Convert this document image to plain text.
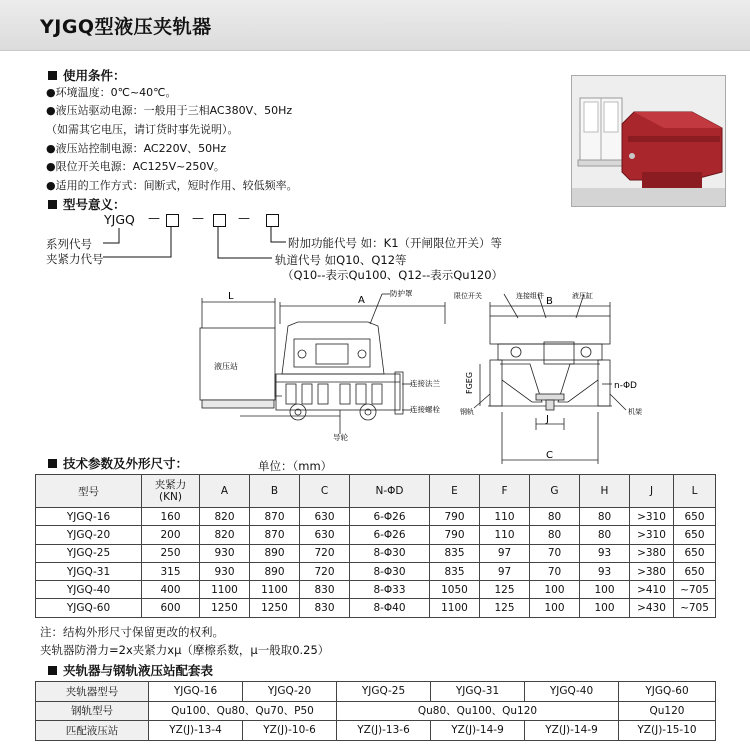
YJGQ型液压夹轨器
使用条件：
●环境温度：0℃~40℃。
●液压站驱动电源：一般用于三相AC380V、50Hz
（如需其它电压，请订货时事先说明）。
●液压站控制电源：AC220V、50Hz
●限位开关电源：AC125V~250V。
●适用的工作方式：间断式，短时作用、较低频率。
型号意义：
YJGQ —	—	—
系列代号
夹紧力代号
附加功能代号 如：K1（开闸限位开关）等
轨道代号 如Q10、Q12等
（Q10--表示Qu100、Q12--表示Qu120）
L	A
液压站
防护罩
连接法兰
连接螺栓
导轮
B
J
C
限位开关	连接组件	液压缸
n-ΦD
钢轨	机架
FGEG
技术参数及外形尺寸：	单位：（mm）
型号	夹紧力
(KN)	A	B	C	N-ΦD	E	F	G	H	J	L
YJGQ-16	160	820	870	630	6-Φ26	790	110	80	80	>310	650
YJGQ-20	200	820	870	630	6-Φ26	790	110	80	80	>310	650
YJGQ-25	250	930	890	720	8-Φ30	835	97	70	93	>380	650
YJGQ-31	315	930	890	720	8-Φ30	835	97	70	93	>380	650
YJGQ-40	400	1100	1100	830	8-Φ33	1050	125	100	100	>410	~705
YJGQ-60	600	1250	1250	830	8-Φ40	1100	125	100	100	>430	~705
注：结构外形尺寸保留更改的权利。
夹轨器防滑力=2x夹紧力xμ（摩檫系数，μ一般取0.25）
夹轨器与钢轨液压站配套表
夹轨器型号	YJGQ-16	YJGQ-20	YJGQ-25	YJGQ-31	YJGQ-40	YJGQ-60
钢轨型号	Qu100、Qu80、Qu70、P50		Qu80、Qu100、Qu120			Qu120
匹配液压站	YZ(J)-13-4	YZ(J)-10-6	YZ(J)-13-6	YZ(J)-14-9	YZ(J)-14-9	YZ(J)-15-10
